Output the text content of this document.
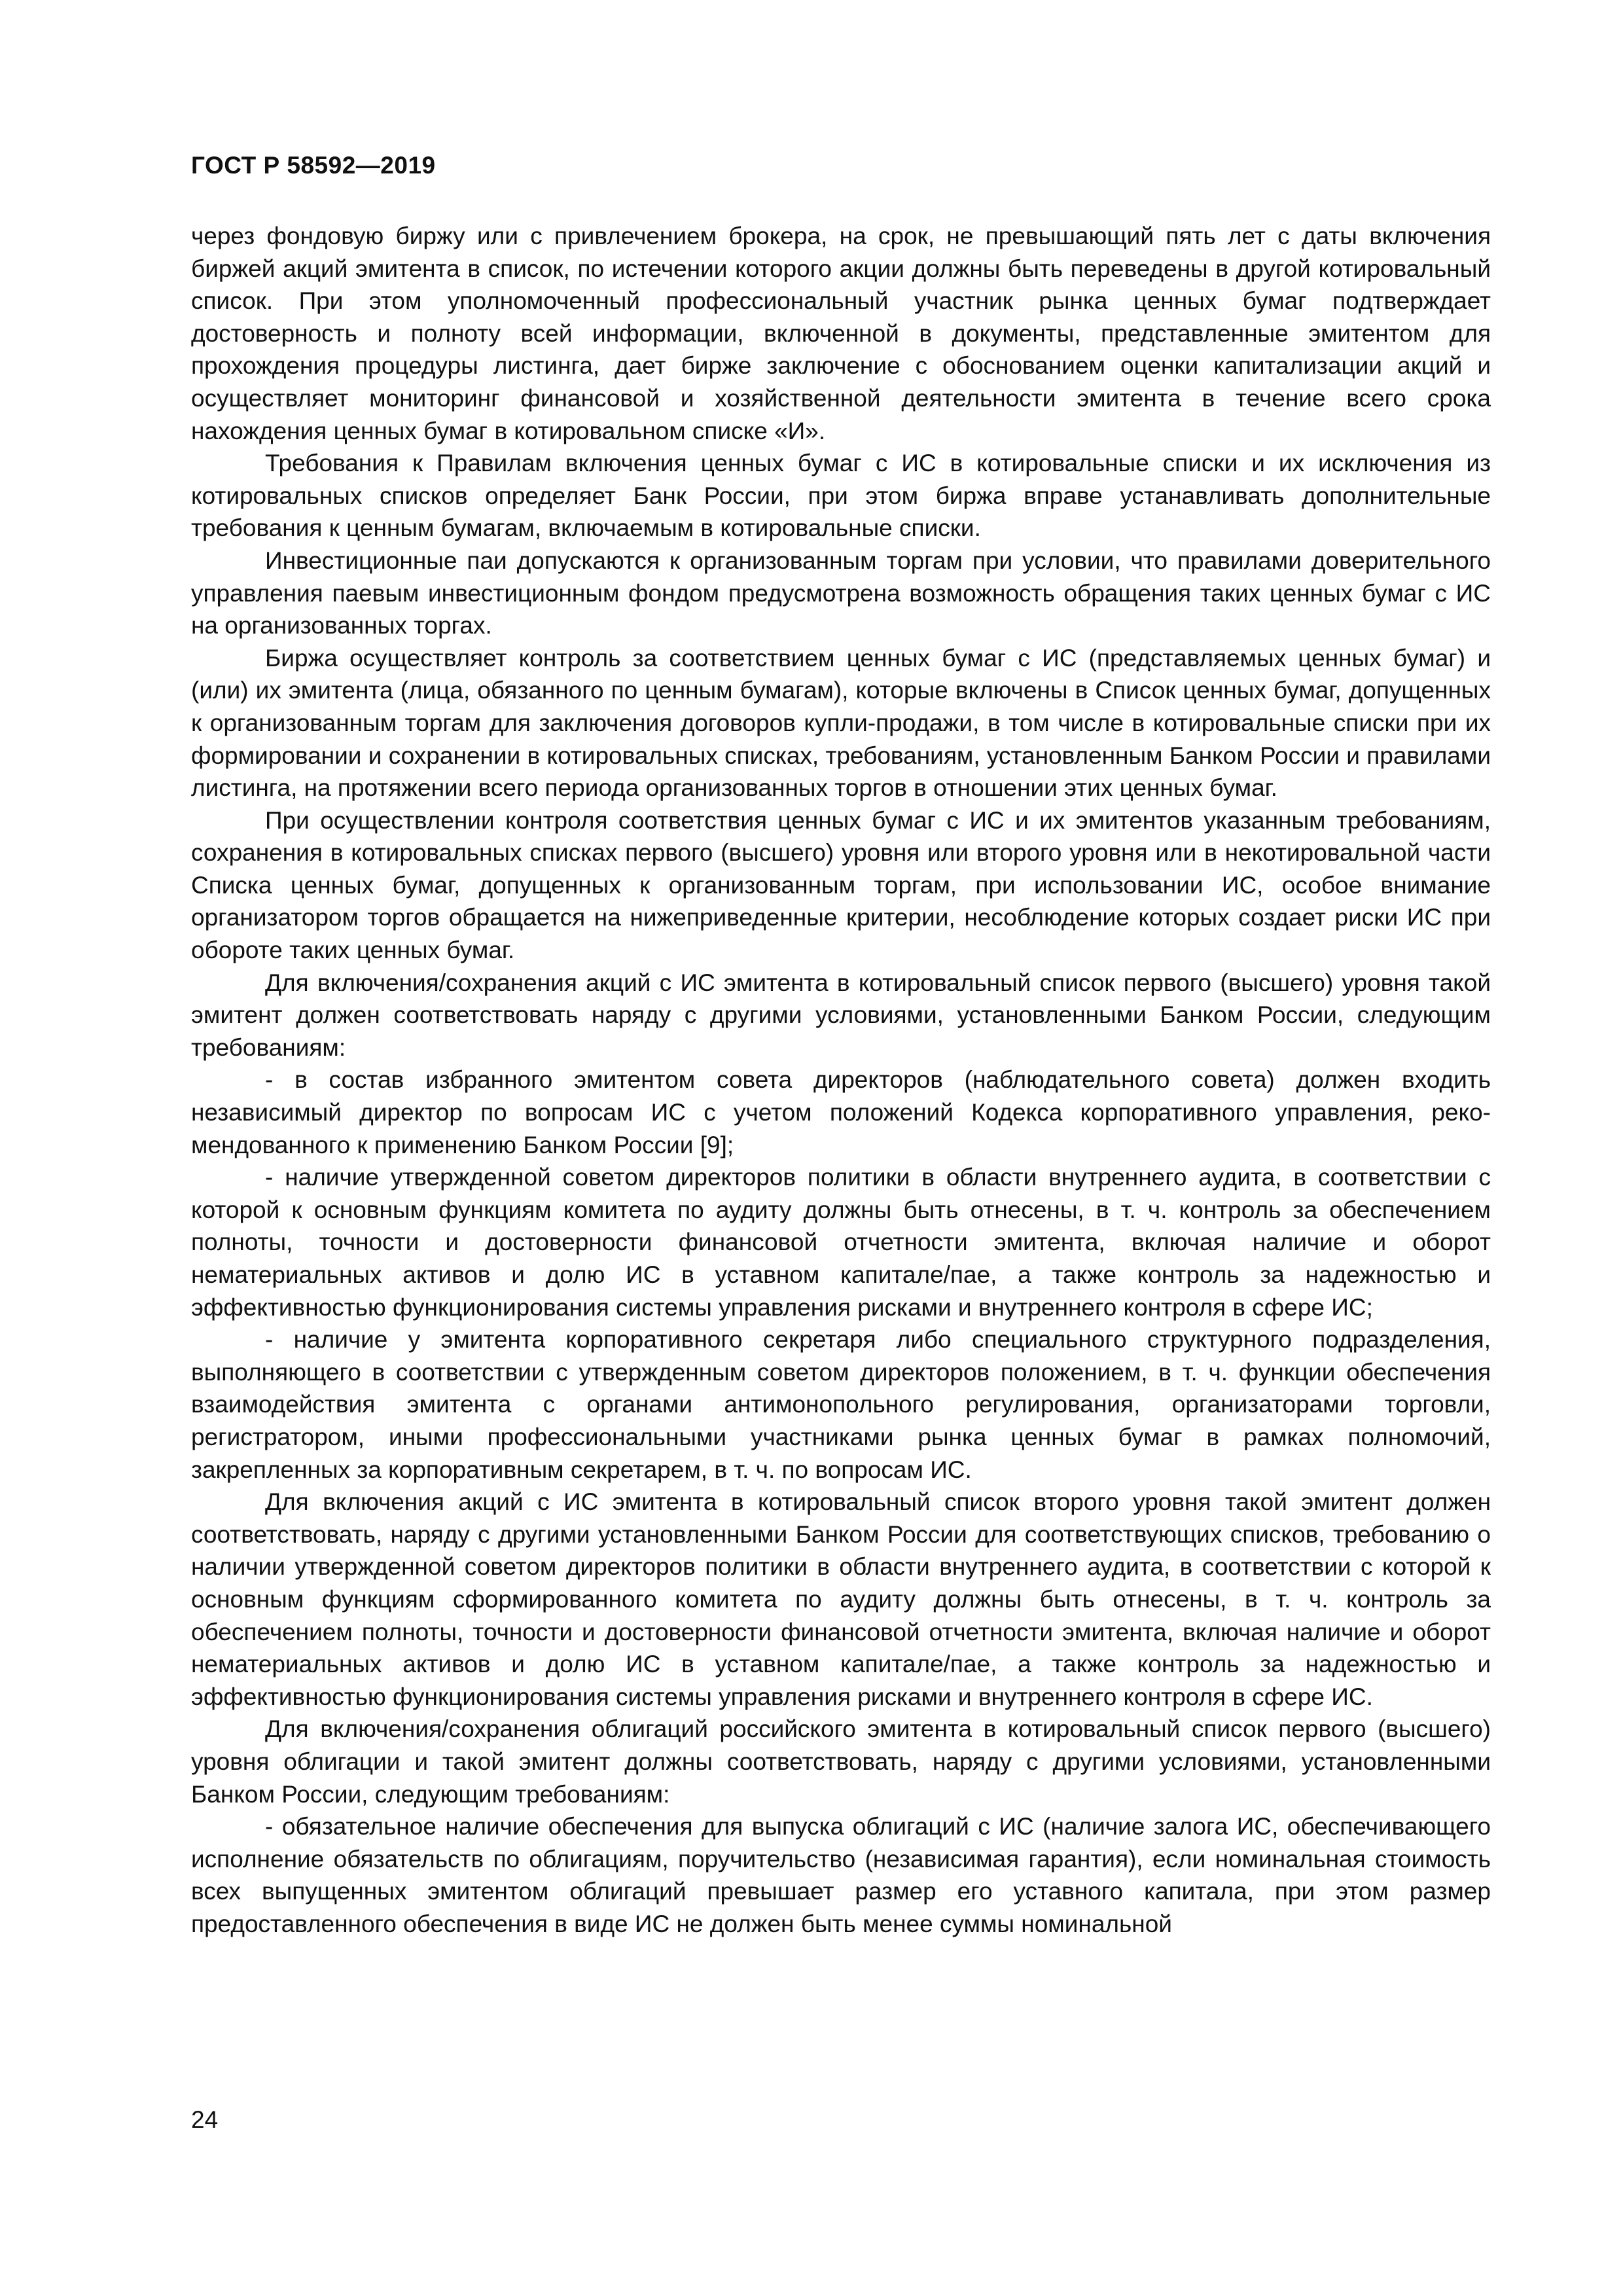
ГОСТ Р 58592—2019

через фондовую биржу или с привлечением брокера, на срок, не превышающий пять лет с даты включения биржей акций эмитента в список, по истечении которого акции должны быть переведены в другой котировальный список. При этом уполномоченный профессиональный участник рынка ценных бумаг подтверждает достоверность и полноту всей информации, включенной в документы, представленные эмитентом для прохождения процедуры листинга, дает бирже заключение с обоснованием оценки капитализации акций и осуществляет мониторинг финансовой и хозяйственной деятельности эмитента в течение всего срока нахождения ценных бумаг в котировальном списке «И».

Требования к Правилам включения ценных бумаг с ИС в котировальные списки и их исключения из котировальных списков определяет Банк России, при этом биржа вправе устанавливать дополнительные требования к ценным бумагам, включаемым в котировальные списки.

Инвестиционные паи допускаются к организованным торгам при условии, что правилами доверительного управления паевым инвестиционным фондом предусмотрена возможность обращения таких ценных бумаг с ИС на организованных торгах.

Биржа осуществляет контроль за соответствием ценных бумаг с ИС (представляемых ценных бумаг) и (или) их эмитента (лица, обязанного по ценным бумагам), которые включены в Список ценных бумаг, допущенных к организованным торгам для заключения договоров купли-продажи, в том числе в котировальные списки при их формировании и сохранении в котировальных списках, требованиям, установленным Банком России и правилами листинга, на протяжении всего периода организованных торгов в отношении этих ценных бумаг.

При осуществлении контроля соответствия ценных бумаг с ИС и их эмитентов указанным требованиям, сохранения в котировальных списках первого (высшего) уровня или второго уровня или в некотировальной части Списка ценных бумаг, допущенных к организованным торгам, при использовании ИС, особое внимание организатором торгов обращается на нижеприведенные критерии, несоблюдение которых создает риски ИС при обороте таких ценных бумаг.

Для включения/сохранения акций с ИС эмитента в котировальный список первого (высшего) уровня такой эмитент должен соответствовать наряду с другими условиями, установленными Банком России, следующим требованиям:

- в состав избранного эмитентом совета директоров (наблюдательного совета) должен входить независимый директор по вопросам ИС с учетом положений Кодекса корпоративного управления, рекомендованного к применению Банком России [9];

- наличие утвержденной советом директоров политики в области внутреннего аудита, в соответствии с которой к основным функциям комитета по аудиту должны быть отнесены, в т. ч. контроль за обеспечением полноты, точности и достоверности финансовой отчетности эмитента, включая наличие и оборот нематериальных активов и долю ИС в уставном капитале/пае, а также контроль за надежностью и эффективностью функционирования системы управления рисками и внутреннего контроля в сфере ИС;

- наличие у эмитента корпоративного секретаря либо специального структурного подразделения, выполняющего в соответствии с утвержденным советом директоров положением, в т. ч. функции обеспечения взаимодействия эмитента с органами антимонопольного регулирования, организаторами торговли, регистратором, иными профессиональными участниками рынка ценных бумаг в рамках полномочий, закрепленных за корпоративным секретарем, в т. ч. по вопросам ИС.

Для включения акций с ИС эмитента в котировальный список второго уровня такой эмитент должен соответствовать, наряду с другими установленными Банком России для соответствующих списков, требованию о наличии утвержденной советом директоров политики в области внутреннего аудита, в соответствии с которой к основным функциям сформированного комитета по аудиту должны быть отнесены, в т. ч. контроль за обеспечением полноты, точности и достоверности финансовой отчетности эмитента, включая наличие и оборот нематериальных активов и долю ИС в уставном капитале/пае, а также контроль за надежностью и эффективностью функционирования системы управления рисками и внутреннего контроля в сфере ИС.

Для включения/сохранения облигаций российского эмитента в котировальный список первого (высшего) уровня облигации и такой эмитент должны соответствовать, наряду с другими условиями, установленными Банком России, следующим требованиям:

- обязательное наличие обеспечения для выпуска облигаций с ИС (наличие залога ИС, обеспечивающего исполнение обязательств по облигациям, поручительство (независимая гарантия), если номинальная стоимость всех выпущенных эмитентом облигаций превышает размер его уставного капитала, при этом размер предоставленного обеспечения в виде ИС не должен быть менее суммы номинальной

24
